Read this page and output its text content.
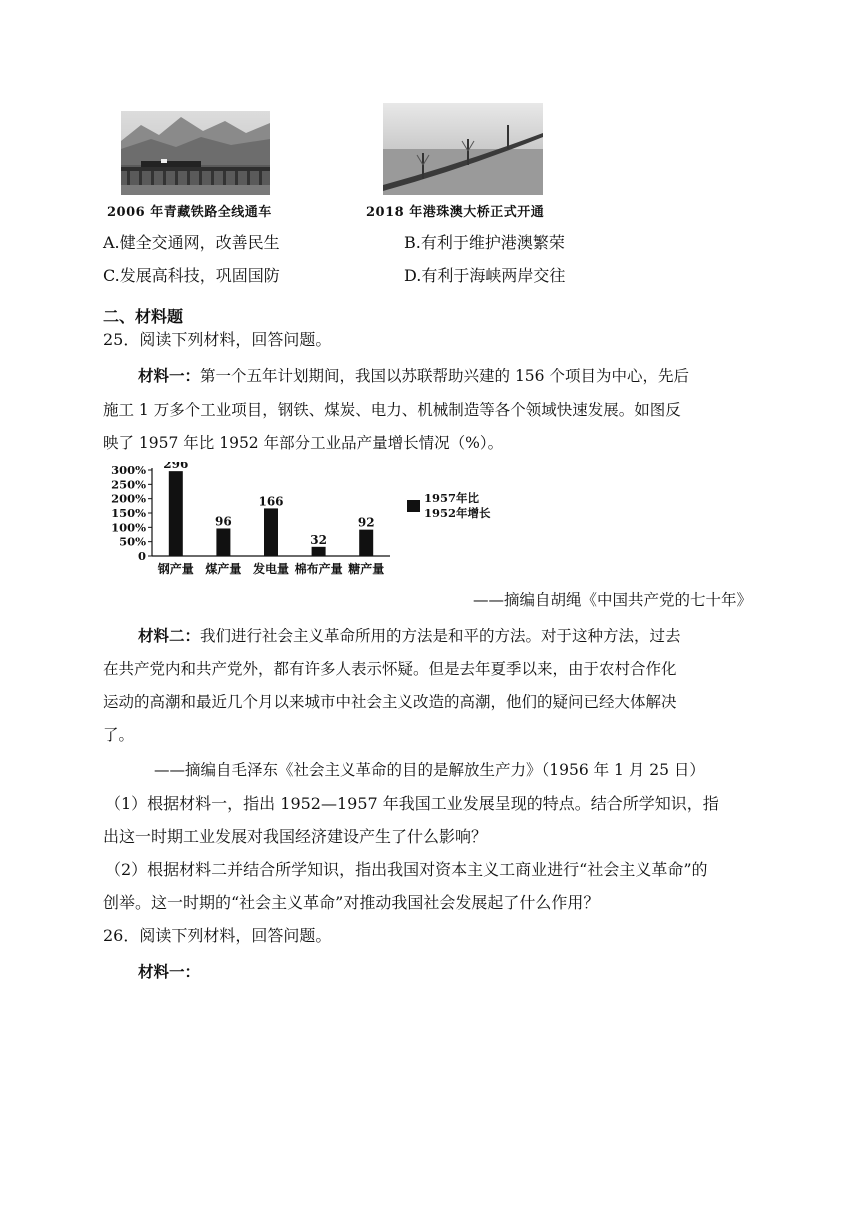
2006 年青藏铁路全线通车	2018 年港珠澳大桥正式开通
A.健全交通网，改善民生	B.有利于维护港澳繁荣
C.发展高科技，巩固国防	D.有利于海峡两岸交往
二、材料题
25．阅读下列材料，回答问题。
材料一：第一个五年计划期间，我国以苏联帮助兴建的 156 个项目为中心，先后
施工 1 万多个工业项目，钢铁、煤炭、电力、机械制造等各个领域快速发展。如图反
映了 1957 年比 1952 年部分工业品产量增长情况（%）。
300%
250%
200%
150%
100%
50%
0
296
钢产量
96
煤产量
166
发电量
32
棉布产量
92
糖产量
1957年比
1952年增长
——摘编自胡绳《中国共产党的七十年》
材料二：我们进行社会主义革命所用的方法是和平的方法。对于这种方法，过去
在共产党内和共产党外，都有许多人表示怀疑。但是去年夏季以来，由于农村合作化
运动的高潮和最近几个月以来城市中社会主义改造的高潮，他们的疑问已经大体解决
了。
——摘编自毛泽东《社会主义革命的目的是解放生产力》（1956 年 1 月 25 日）
（1）根据材料一，指出 1952—1957 年我国工业发展呈现的特点。结合所学知识，指
出这一时期工业发展对我国经济建设产生了什么影响？
（2）根据材料二并结合所学知识，指出我国对资本主义工商业进行“社会主义革命”的
创举。这一时期的“社会主义革命”对推动我国社会发展起了什么作用？
26．阅读下列材料，回答问题。
材料一：
